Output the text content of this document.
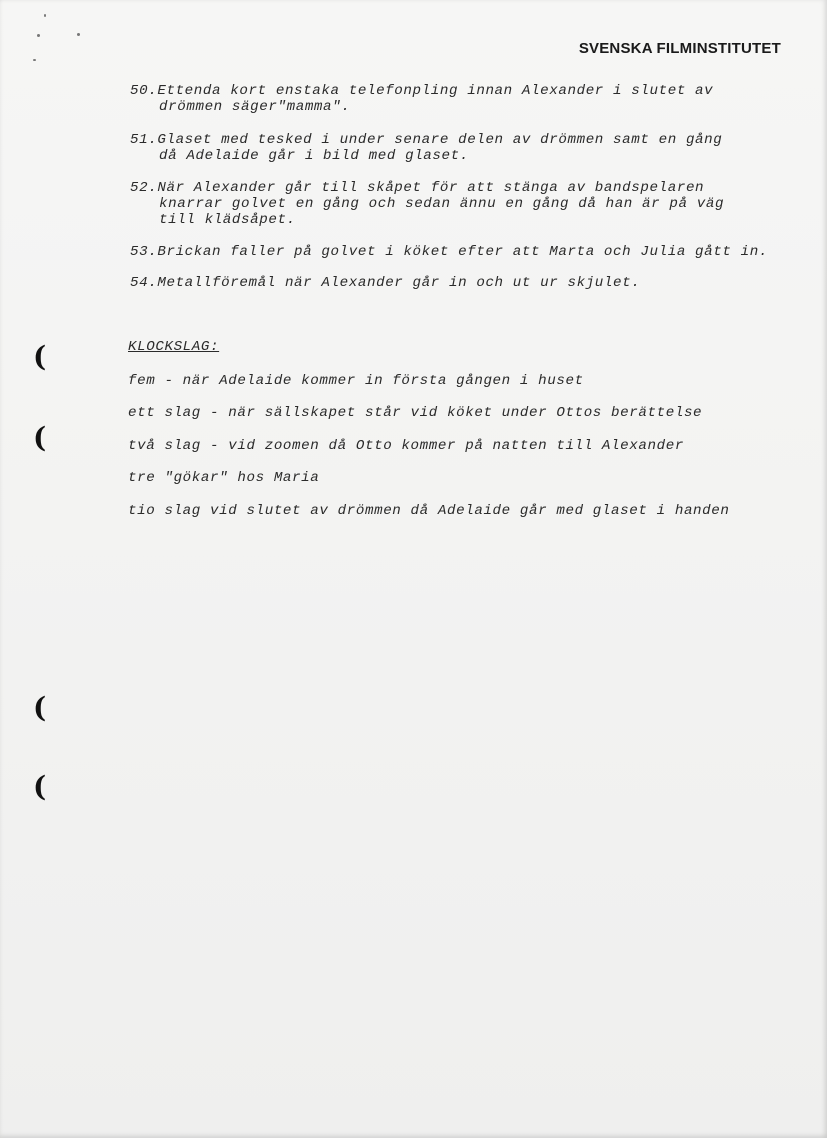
SVENSKA FILMINSTITUTET
50.Ettenda kort enstaka telefonpling innan Alexander i slutet av
drömmen säger"mamma".
51.Glaset med tesked i under senare delen av drömmen samt en gång
då Adelaide går i bild med glaset.
52.När Alexander går till skåpet för att stänga av bandspelaren
knarrar golvet en gång och sedan ännu en gång då han är på väg
till klädsåpet.
53.Brickan faller på golvet i köket efter att Marta och Julia gått in.
54.Metallföremål när Alexander går in och ut ur skjulet.
(
(
(
(
KLOCKSLAG:
fem - när Adelaide kommer in första gången i huset
ett slag - när sällskapet står vid köket under Ottos berättelse
två slag - vid zoomen då Otto kommer på natten till Alexander
tre "gökar" hos Maria
tio slag vid slutet av drömmen då Adelaide går med glaset i handen
